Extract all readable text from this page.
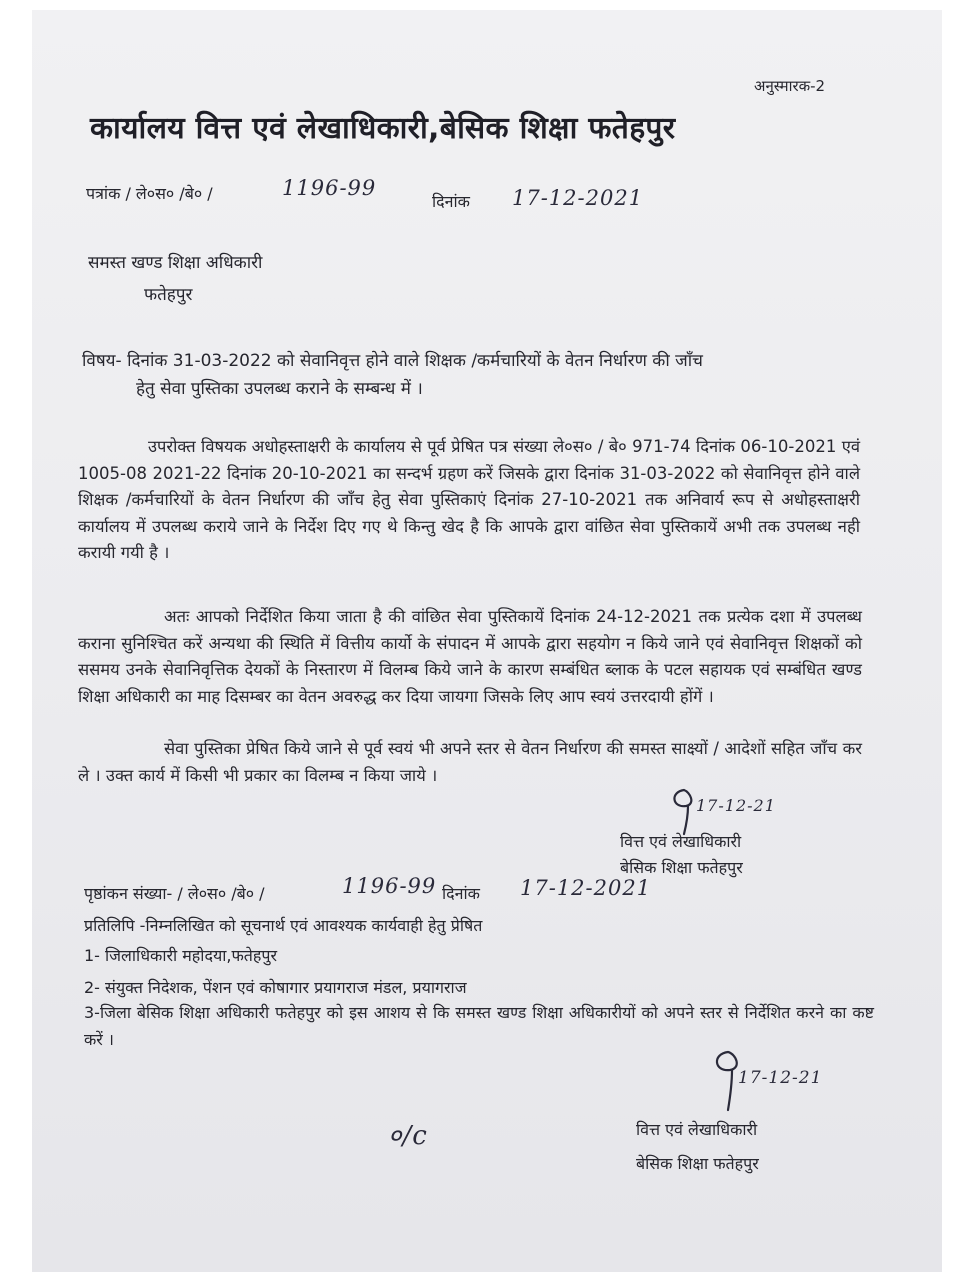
अनुस्मारक-2
कार्यालय वित्त एवं लेखाधिकारी,बेसिक शिक्षा फतेहपुर
पत्रांक / ले०स० /बे० /	1196-99
दिनांक 17-12-2021
समस्त खण्ड शिक्षा अधिकारी
फतेहपुर
विषय- दिनांक 31-03-2022 को सेवानिवृत्त होने वाले शिक्षक /कर्मचारियों के वेतन निर्धारण की जाँच
हेतु सेवा पुस्तिका उपलब्ध कराने के सम्बन्ध में ।
उपरोक्त विषयक अधोहस्ताक्षरी के कार्यालय से पूर्व प्रेषित पत्र संख्या ले०स० / बे० 971-74 दिनांक 06-10-2021 एवं 1005-08 2021-22 दिनांक 20-10-2021 का सन्दर्भ ग्रहण करें जिसके द्वारा दिनांक 31-03-2022 को सेवानिवृत्त होने वाले शिक्षक /कर्मचारियों के वेतन निर्धारण की जाँच हेतु सेवा पुस्तिकाएं दिनांक 27-10-2021 तक अनिवार्य रूप से अधोहस्ताक्षरी कार्यालय में उपलब्ध कराये जाने के निर्देश दिए गए थे किन्तु खेद है कि आपके द्वारा वांछित सेवा पुस्तिकायें अभी तक उपलब्ध नही करायी गयी है ।
अतः आपको निर्देशित किया जाता है की वांछित सेवा पुस्तिकायें दिनांक 24-12-2021 तक प्रत्येक दशा में उपलब्ध कराना सुनिश्चित करें अन्यथा की स्थिति में वित्तीय कार्यो के संपादन में आपके द्वारा सहयोग न किये जाने एवं सेवानिवृत्त शिक्षकों को ससमय उनके सेवानिवृत्तिक देयकों के निस्तारण में विलम्ब किये जाने के कारण सम्बंधित ब्लाक के पटल सहायक एवं सम्बंधित खण्ड शिक्षा अधिकारी का माह दिसम्बर का वेतन अवरुद्ध कर दिया जायगा जिसके लिए आप स्वयं उत्तरदायी होंगें ।
सेवा पुस्तिका प्रेषित किये जाने से पूर्व स्वयं भी अपने स्तर से वेतन निर्धारण की समस्त साक्ष्यों / आदेशों सहित जाँच कर ले । उक्त कार्य में किसी भी प्रकार का विलम्ब न किया जाये ।
17-12-21
वित्त एवं लेखाधिकारी
बेसिक शिक्षा फतेहपुर
पृष्ठांकन संख्या- / ले०स० /बे० /	1196-99 दिनांक 17-12-2021
प्रतिलिपि -निम्नलिखित को सूचनार्थ एवं आवश्यक कार्यवाही हेतु प्रेषित
1- जिलाधिकारी महोदया,फतेहपुर
2- संयुक्त निदेशक, पेंशन एवं कोषागार प्रयागराज मंडल, प्रयागराज
3-जिला बेसिक शिक्षा अधिकारी फतेहपुर को इस आशय से कि समस्त खण्ड शिक्षा अधिकारीयों को अपने स्तर से निर्देशित करने का कष्ट करें ।
17-12-21
वित्त एवं लेखाधिकारी
बेसिक शिक्षा फतेहपुर
०/c
